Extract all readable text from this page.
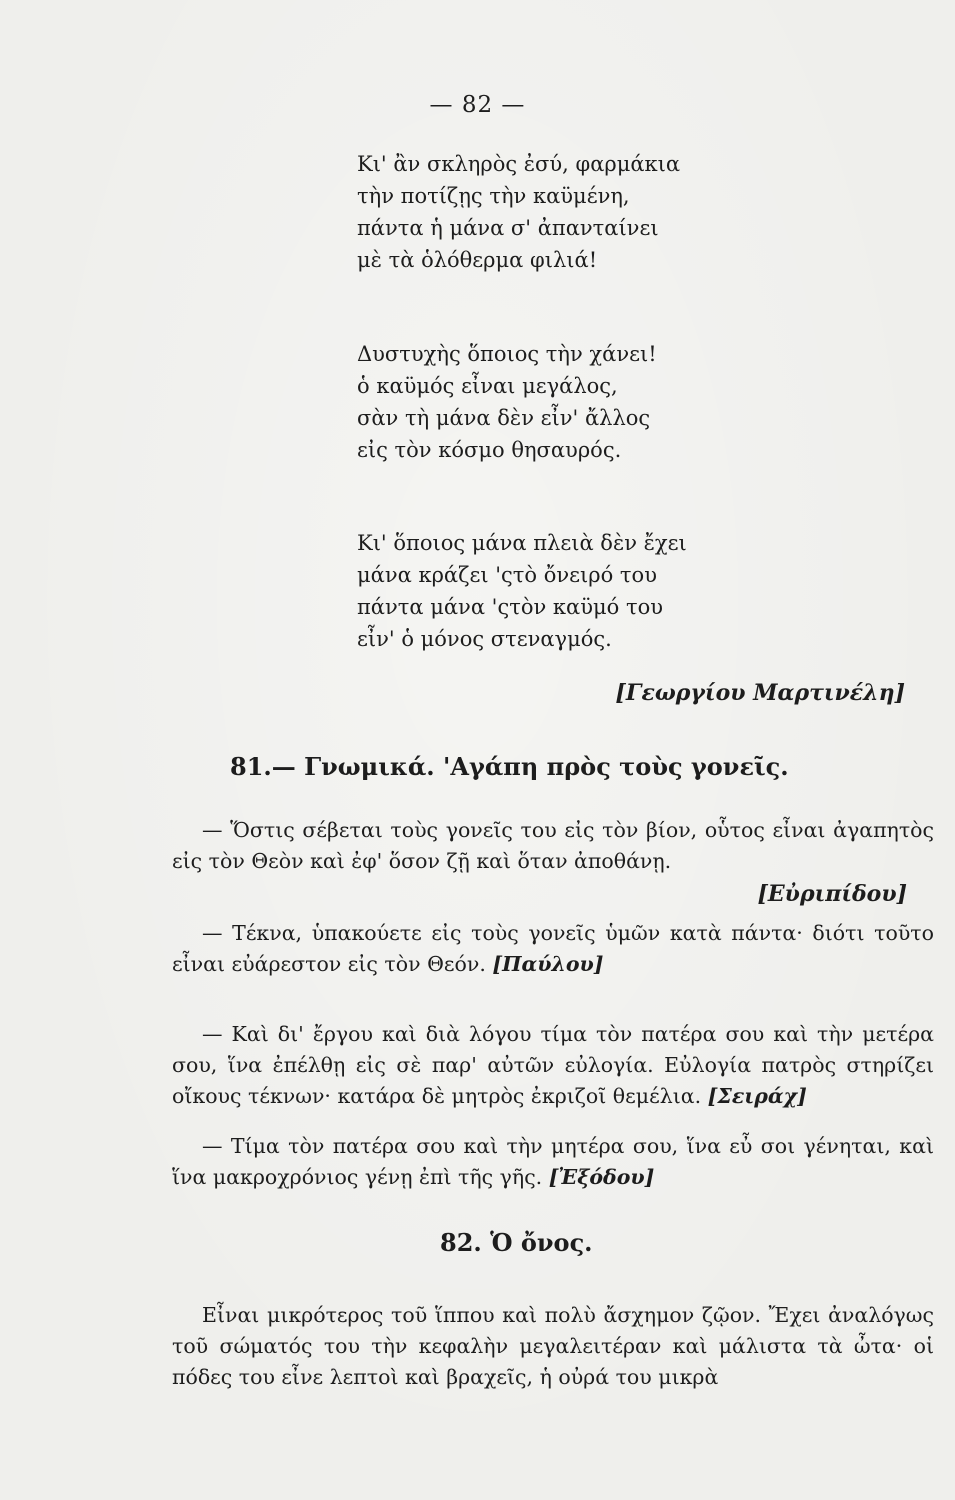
— 82 —
Κι' ἂν σκληρὸς ἐσύ, φαρμάκια
τὴν ποτίζῃς τὴν καϋμένη,
πάντα ἡ μάνα σ' ἀπανταίνει
μὲ τὰ ὁλόθερμα φιλιά!
Δυστυχὴς ὅποιος τὴν χάνει!
ὁ καϋμός εἶναι μεγάλος,
σὰν τὴ μάνα δὲν εἶν' ἄλλος
εἰς τὸν κόσμο θησαυρός.
Κι' ὅποιος μάνα πλειὰ δὲν ἔχει
μάνα κράζει 'ςτὸ ὄνειρό του
πάντα μάνα 'ςτὸν καϋμό του
εἶν' ὁ μόνος στεναγμός.
[Γεωργίου Μαρτινέλη]
81.— Γνωμικά. 'Αγάπη πρὸς τοὺς γονεῖς.

— Ὅστις σέβεται τοὺς γονεῖς του εἰς τὸν βίον, οὗτος εἶναι ἀγαπητὸς εἰς τὸν Θεὸν καὶ ἐφ' ὅσον ζῇ καὶ ὅταν ἀποθάνῃ.

[Εὐριπίδου]

— Τέκνα, ὑπακούετε εἰς τοὺς γονεῖς ὑμῶν κατὰ πάντα· διότι τοῦτο εἶναι εὐάρεστον εἰς τὸν Θεόν. [Παύλου]

— Καὶ δι' ἔργου καὶ διὰ λόγου τίμα τὸν πατέρα σου καὶ τὴν μετέρα σου, ἵνα ἐπέλθῃ εἰς σὲ παρ' αὐτῶν εὐλογία. Εὐλογία πατρὸς στηρίζει οἴκους τέκνων· κατάρα δὲ μητρὸς ἐκριζοῖ θεμέλια. [Σειράχ]

— Τίμα τὸν πατέρα σου καὶ τὴν μητέρα σου, ἵνα εὖ σοι γένηται, καὶ ἵνα μακροχρόνιος γένῃ ἐπὶ τῆς γῆς. [Ἐξόδου]

82. Ὁ ὄνος.

Εἶναι μικρότερος τοῦ ἵππου καὶ πολὺ ἄσχημον ζῷον. Ἔχει ἀναλόγως τοῦ σώματός του τὴν κεφαλὴν μεγαλειτέραν καὶ μάλιστα τὰ ὦτα· οἱ πόδες του εἶνε λεπτοὶ καὶ βραχεῖς, ἡ οὐρά του μικρὰ
